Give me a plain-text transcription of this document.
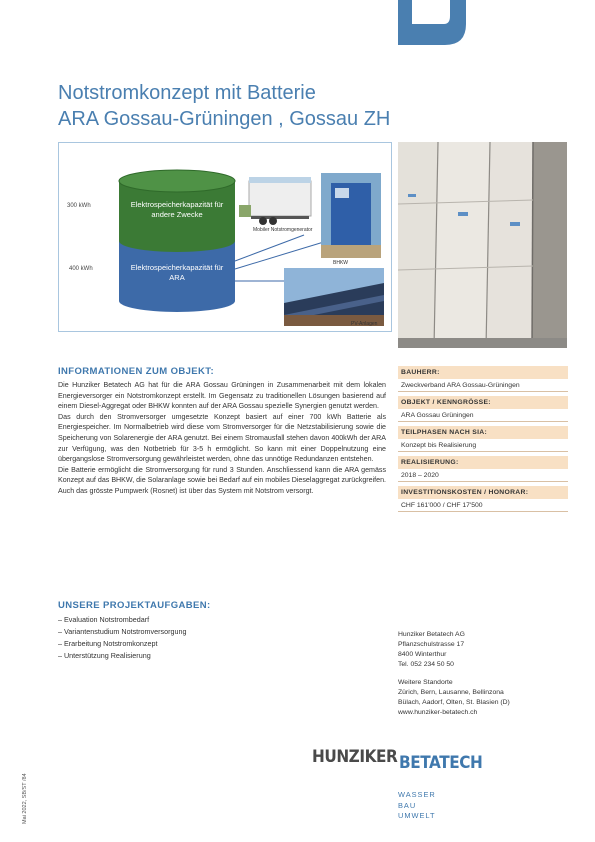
Notstromkonzept mit Batterie
ARA Gossau-Grüningen , Gossau ZH
300 kWh
400 kWh
Elektrospeicherkapazität für andere Zwecke
Elektrospeicherkapazität für ARA
Mobiler Notstromgenerator
BHKW
PV-Anlagen
INFORMATIONEN ZUM OBJEKT:

Die Hunziker Betatech AG hat für die ARA Gossau Grüningen in Zusammenarbeit mit dem lokalen Energieversorger ein Notstromkonzept erstellt. Im Gegensatz zu traditionellen Lösungen basierend auf einem Diesel-Aggregat oder BHKW konnten auf der ARA Gossau spezielle Synergien genutzt werden.

Das durch den Stromversorger umgesetzte Konzept basiert auf einer 700 kWh Batterie als Energiespeicher. Im Normalbetrieb wird diese vom Stromversorger für die Netzstabilisierung sowie die Speicherung von Solarenergie der ARA genutzt. Bei einem Stromausfall stehen davon 400kWh der ARA zur Verfügung, was den Notbetrieb für 3-5 h ermöglicht. So kann mit einer Doppelnutzung eine übergangslose Stromversorgung gewährleistet werden, ohne das unnötige Redundanzen entstehen.

Die Batterie ermöglicht die Stromversorgung für rund 3 Stunden. Anschliessend kann die ARA gemäss Konzept auf das BHKW, die Solaranlage sowie bei Bedarf auf ein mobiles Dieselaggregat zurückgreifen. Auch das grösste Pumpwerk (Rosnet) ist über das System mit Notstrom versorgt.

BAUHERR:
Zweckverband ARA Gossau-Grüningen
OBJEKT / KENNGRÖSSE:
ARA Gossau Grüningen
TEILPHASEN NACH SIA:
Konzept bis Realisierung
REALISIERUNG:
2018 – 2020
INVESTITIONSKOSTEN / HONORAR:
CHF 161'000 / CHF 17'500
UNSERE PROJEKTAUFGABEN:
– Evaluation Notstrombedarf
– Variantenstudium Notstromversorgung
– Erarbeitung Notstromkonzept
– Unterstützung Realisierung
Hunziker Betatech AG
Pflanzschulstrasse 17
8400 Winterthur
Tel. 052 234 50 50
Weitere Standorte
Zürich, Bern, Lausanne, Bellinzona
Bülach, Aadorf, Olten, St. Blasien (D)
www.hunziker-betatech.ch
HUNZIKER BETATECH
WASSER
BAU
UMWELT
Mai 2022, SB/ST /84
